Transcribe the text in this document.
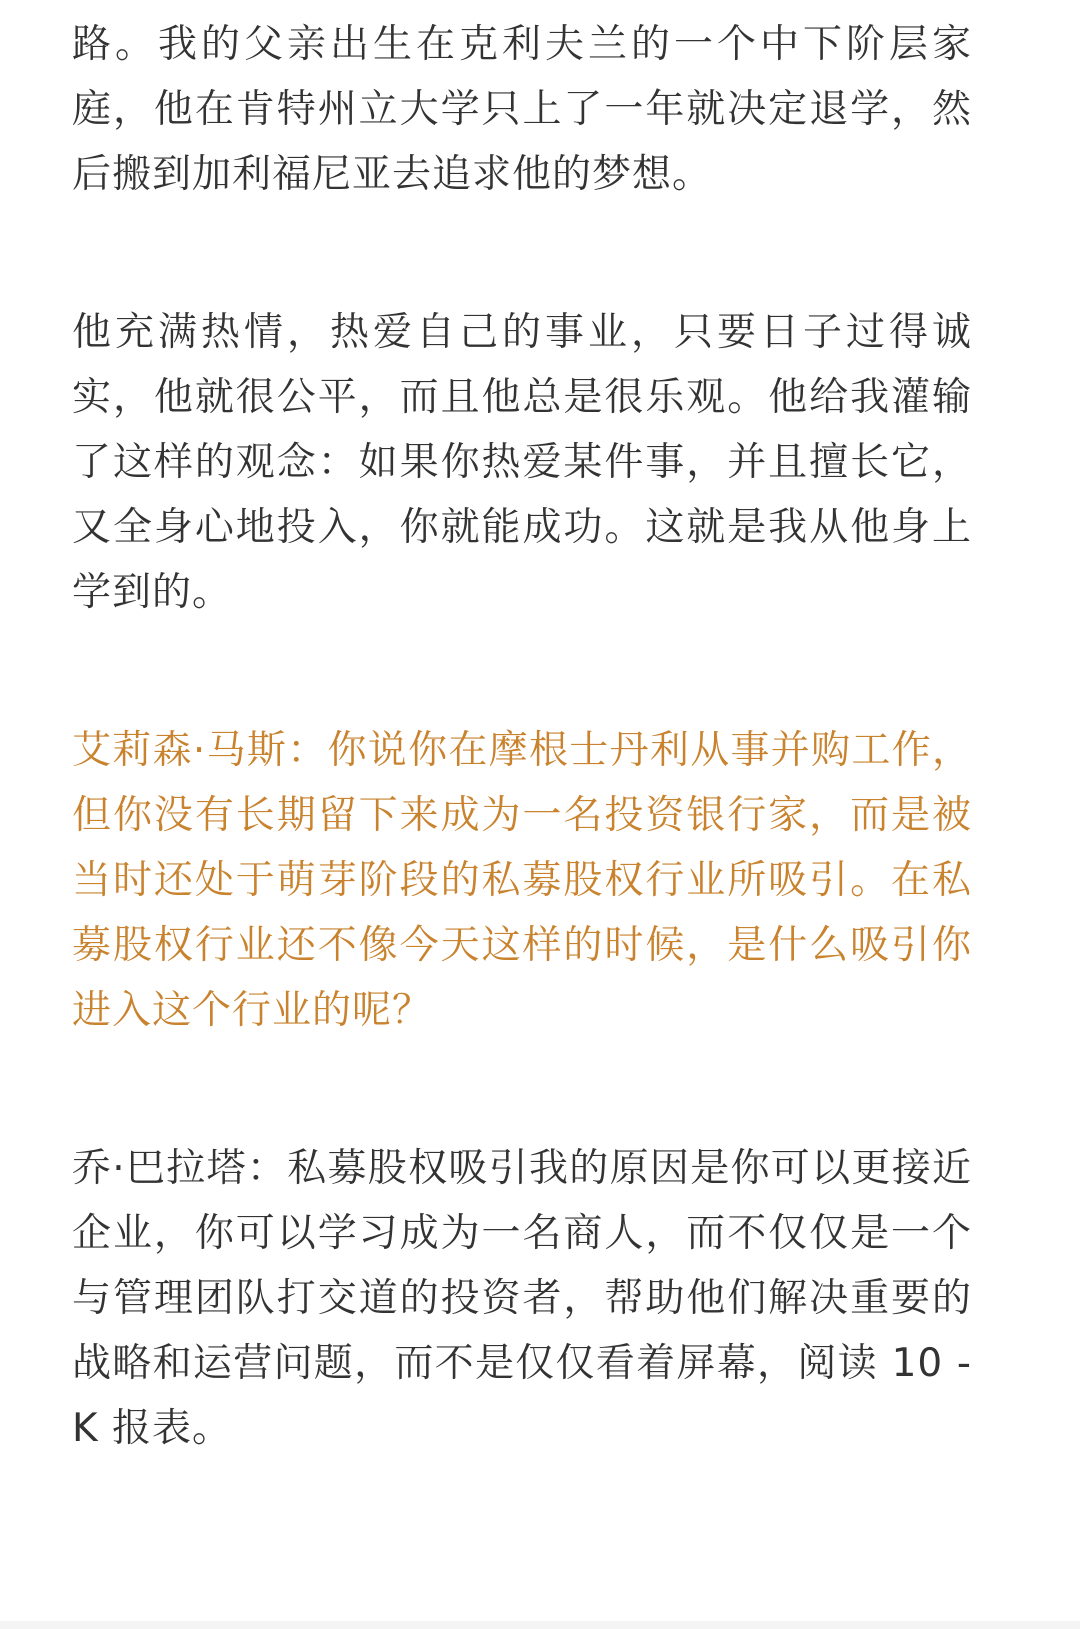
路。我的父亲出生在克利夫兰的一个中下阶层家庭，他在肯特州立大学只上了一年就决定退学，然后搬到加利福尼亚去追求他的梦想。

他充满热情，热爱自己的事业，只要日子过得诚实，他就很公平，而且他总是很乐观。他给我灌输了这样的观念：如果你热爱某件事，并且擅长它，又全身心地投入，你就能成功。这就是我从他身上学到的。

艾莉森·马斯：你说你在摩根士丹利从事并购工作，但你没有长期留下来成为一名投资银行家，而是被当时还处于萌芽阶段的私募股权行业所吸引。在私募股权行业还不像今天这样的时候，是什么吸引你进入这个行业的呢？

乔·巴拉塔：私募股权吸引我的原因是你可以更接近企业，你可以学习成为一名商人，而不仅仅是一个与管理团队打交道的投资者，帮助他们解决重要的战略和运营问题，而不是仅仅看着屏幕，阅读 10 - K 报表。
